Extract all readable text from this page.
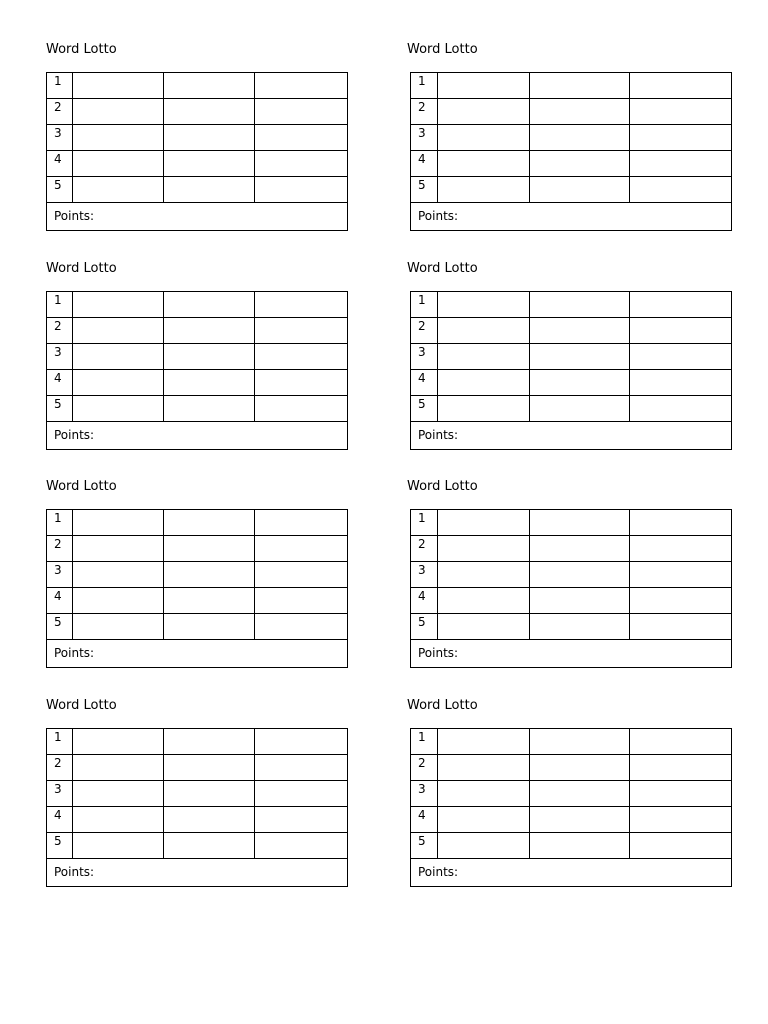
Word Lotto
1			
2			
3			
4			
5			
Points:			
Word Lotto
1			
2			
3			
4			
5			
Points:			
Word Lotto
1			
2			
3			
4			
5			
Points:			
Word Lotto
1			
2			
3			
4			
5			
Points:			
Word Lotto
1			
2			
3			
4			
5			
Points:			
Word Lotto
1			
2			
3			
4			
5			
Points:			
Word Lotto
1			
2			
3			
4			
5			
Points:			
Word Lotto
1			
2			
3			
4			
5			
Points:			
